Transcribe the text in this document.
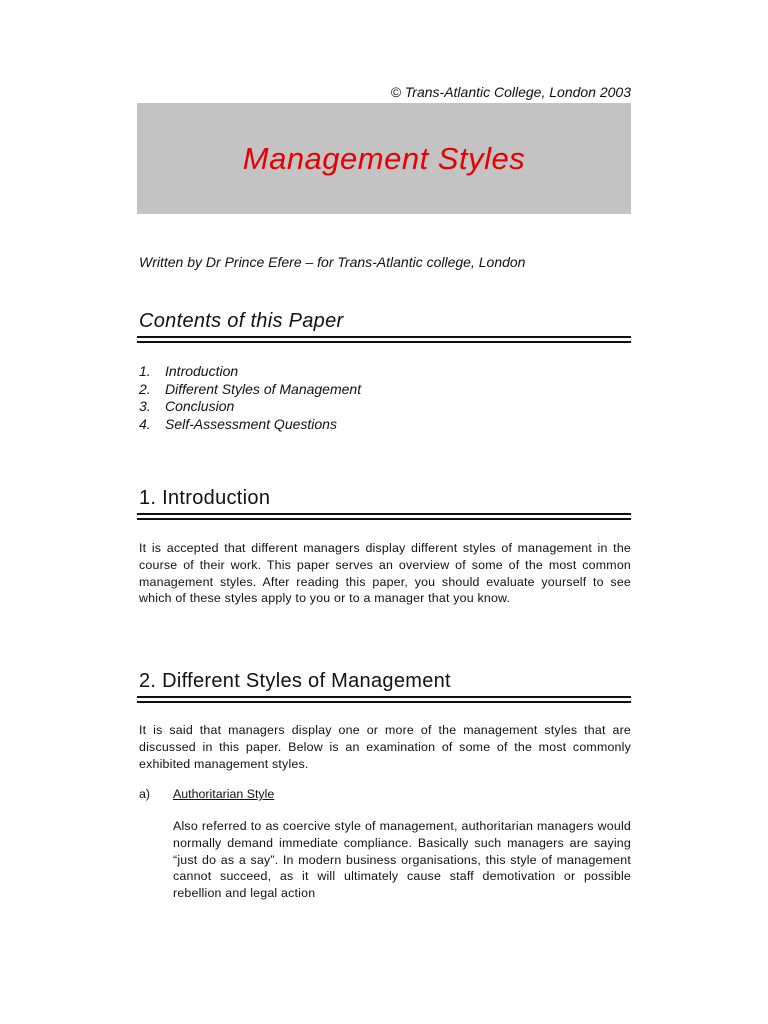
© Trans-Atlantic College, London 2003
Management Styles
Written by Dr Prince Efere – for Trans-Atlantic college, London
Contents of this Paper
1.	Introduction
2.	Different Styles of Management
3.	Conclusion
4.	Self-Assessment Questions
1. Introduction

It is accepted that different managers display different styles of management in the course of their work. This paper serves an overview of some of the most common management styles. After reading this paper, you should evaluate yourself to see which of these styles apply to you or to a manager that you know.

2. Different Styles of Management

It is said that managers display one or more of the management styles that are discussed in this paper. Below is an examination of some of the most commonly exhibited management styles.

a) Authoritarian Style

Also referred to as coercive style of management, authoritarian managers would normally demand immediate compliance. Basically such managers are saying “just do as a say”. In modern business organisations, this style of management cannot succeed, as it will ultimately cause staff demotivation or possible rebellion and legal action
